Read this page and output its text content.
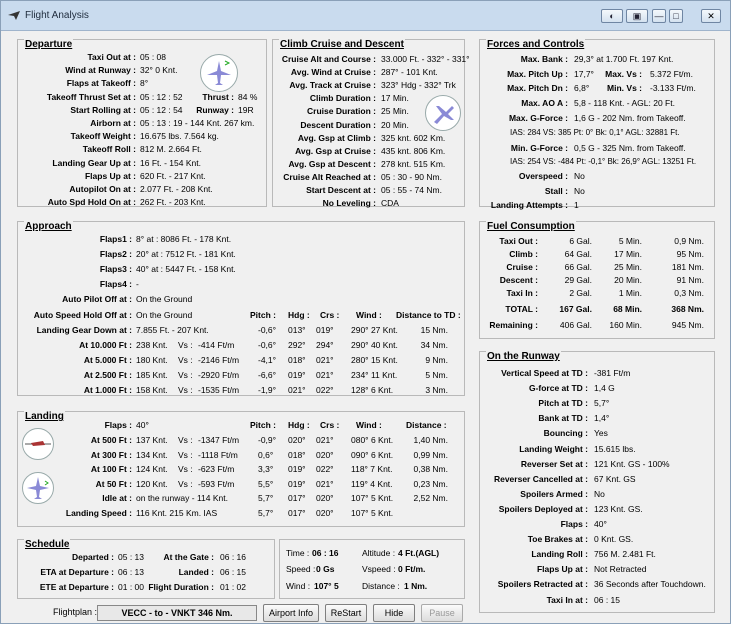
Flight Analysis	◐	▣	—	□	✕
Departure
Taxi Out at : 05 : 08
Wind at Runway : 32° 0 Knt.
Flaps at Takeoff : 8°
Takeoff Thrust Set at : 05 : 12 : 52 Thrust : 84 %
Start Rolling at : 05 : 12 : 54 Runway : 19R
Airborn at : 05 : 13 : 19 - 144 Knt. 267 km.
Takeoff Weight : 16.675 lbs. 7.564 kg.
Takeoff Roll : 812 M. 2.664 Ft.
Landing Gear Up at : 16 Ft. - 154 Knt.
Flaps Up at : 620 Ft. - 217 Knt.
Autopilot On at : 2.077 Ft. - 208 Knt.
Auto Spd Hold On at : 262 Ft. - 203 Knt.
Climb Cruise and Descent
Cruise Alt and Course : 33.000 Ft. - 332° - 331°
Avg. Wind at Cruise : 287° - 101 Knt.
Avg. Track at Cruise : 323° Hdg - 332° Trk
Climb Duration : 17 Min.
Cruise Duration : 25 Min.
Descent Duration : 20 Min.
Avg. Gsp at Climb : 325 knt. 602 Km.
Avg. Gsp at Cruise : 435 knt. 806 Km.
Avg. Gsp at Descent : 278 knt. 515 Km.
Cruise Alt Reached at : 05 : 30 - 90 Nm.
Start Descent at : 05 : 55 - 74 Nm.
No Leveling : CDA
Forces and Controls
Max. Bank : 29,3° at 1.700 Ft. 197 Knt.
Max. Pitch Up : 17,7° Max. Vs : 5.372 Ft/m.
Max. Pitch Dn : 6,8° Min. Vs : -3.133 Ft/m.
Max. AO A : 5,8 - 118 Knt. - AGL: 20 Ft.
Max. G-Force : 1,6 G - 202 Nm. from Takeoff.
IAS: 284 VS: 385 Pt: 0° Bk: 0,1° AGL: 32881 Ft.
Min. G-Force : 0,5 G - 325 Nm. from Takeoff.
IAS: 254 VS: -484 Pt: -0,1° Bk: 26,9° AGL: 13251 Ft.
Overspeed : No
Stall : No
Landing Attempts : 1
Approach
Flaps1 : 8° at : 8086 Ft. - 178 Knt.
Flaps2 : 20° at : 7512 Ft. - 181 Knt.
Flaps3 : 40° at : 5447 Ft. - 158 Knt.
Flaps4 : -
Auto Pilot Off at : On the Ground
Auto Speed Hold Off at : On the Ground	Pitch : Hdg : Crs : Wind : Distance to TD :
Landing Gear Down at : 7.855 Ft. - 207 Knt.	-0,6° 013° 019° 290° 27 Knt.	15 Nm.
At 10.000 Ft : 238 Knt. Vs : -414 Ft/m	-0,6° 292° 294° 290° 40 Knt.	34 Nm.
At 5.000 Ft : 180 Knt. Vs : -2146 Ft/m -4,1° 018° 021° 280° 15 Knt.	9 Nm.
At 2.500 Ft : 185 Knt. Vs : -2920 Ft/m -6,6° 019° 021° 234° 11 Knt.	5 Nm.
At 1.000 Ft : 158 Knt. Vs : -1535 Ft/m -1,9° 021° 022° 128° 6 Knt.	3 Nm.
Fuel Consumption
Taxi Out :	6 Gal.	5 Min.	0,9 Nm.
Climb :	64 Gal.	17 Min.	95 Nm.
Cruise :	66 Gal.	25 Min.	181 Nm.
Descent :	29 Gal.	20 Min.	91 Nm.
Taxi In :	2 Gal.	1 Min.	0,3 Nm.
TOTAL :	167 Gal. 68 Min.	368 Nm.
Remaining :	406 Gal. 160 Min.	945 Nm.
Landing
Flaps : 40°	Pitch : Hdg : Crs : Wind :	Distance :
At 500 Ft : 137 Knt. Vs : -1347 Ft/m -0,9° 020° 021° 080° 6 Knt. 1,40 Nm.
At 300 Ft : 134 Knt. Vs : -1118 Ft/m 0,6° 018° 020° 090° 6 Knt. 0,99 Nm.
At 100 Ft : 124 Knt. Vs : -623 Ft/m	3,3° 019° 022° 118° 7 Knt. 0,38 Nm.
At 50 Ft : 120 Knt. Vs : -593 Ft/m	5,5° 019° 021° 119° 4 Knt. 0,23 Nm.
Idle at : on the runway - 114 Knt.	5,7° 017° 020° 107° 5 Knt. 2,52 Nm.
Landing Speed : 116 Knt. 215 Km. IAS	5,7° 017° 020° 107° 5 Knt.
On the Runway
Vertical Speed at TD : -381 Ft/m
G-force at TD : 1,4 G
Pitch at TD : 5,7°
Bank at TD : 1,4°
Bouncing : Yes
Landing Weight : 15.615 lbs.
Reverser Set at : 121 Knt. GS - 100%
Reverser Cancelled at : 67 Knt. GS
Spoilers Armed : No
Spoilers Deployed at : 123 Knt. GS.
Flaps : 40°
Toe Brakes at : 0 Knt. GS.
Landing Roll : 756 M. 2.481 Ft.
Flaps Up at : Not Retracted
Spoilers Retracted at : 36 Seconds after Touchdown.
Taxi In at : 06 : 15
Schedule
Departed : 05 : 13 At the Gate : 06 : 16
ETA at Departure : 06 : 13	Landed : 06 : 15
ETE at Departure : 01 : 00 Flight Duration : 01 : 02
Time : 06 : 16	Altitude : 4 Ft.(AGL)
Speed : 0 Gs	Vspeed : 0 Ft/m.
Wind : 107° 5	Distance : 1 Nm.
Flightplan :	VECC - to - VNKT 346 Nm.	Airport Info	ReStart	Hide	Pause
